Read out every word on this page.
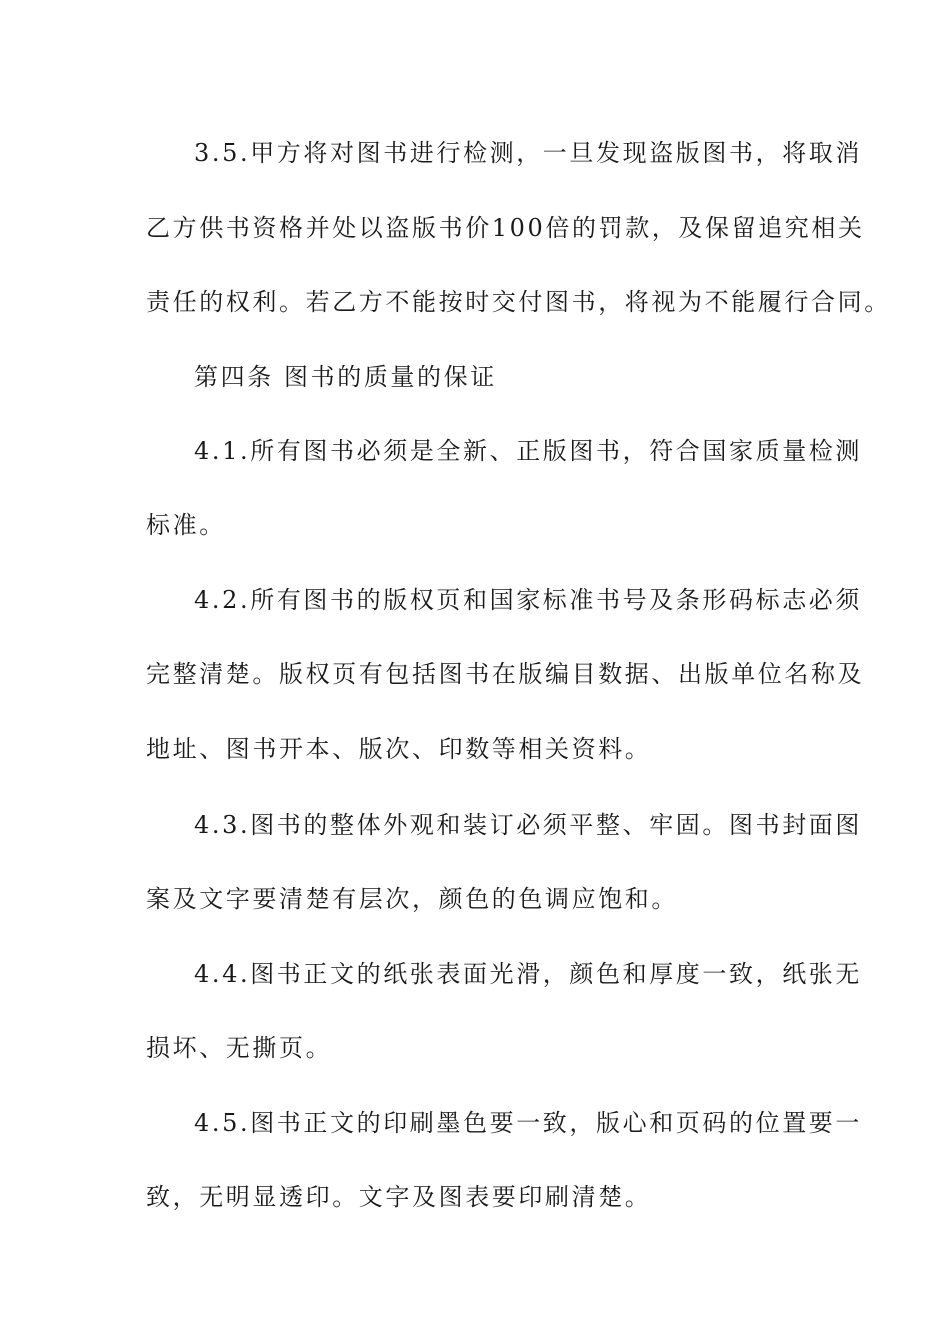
3.5.甲方将对图书进行检测，一旦发现盗版图书，将取消
乙方供书资格并处以盗版书价100倍的罚款，及保留追究相关
责任的权利。若乙方不能按时交付图书，将视为不能履行合同。
第四条 图书的质量的保证
4.1.所有图书必须是全新、正版图书，符合国家质量检测
标准。
4.2.所有图书的版权页和国家标准书号及条形码标志必须
完整清楚。版权页有包括图书在版编目数据、出版单位名称及
地址、图书开本、版次、印数等相关资料。
4.3.图书的整体外观和装订必须平整、牢固。图书封面图
案及文字要清楚有层次，颜色的色调应饱和。
4.4.图书正文的纸张表面光滑，颜色和厚度一致，纸张无
损坏、无撕页。
4.5.图书正文的印刷墨色要一致，版心和页码的位置要一
致，无明显透印。文字及图表要印刷清楚。
